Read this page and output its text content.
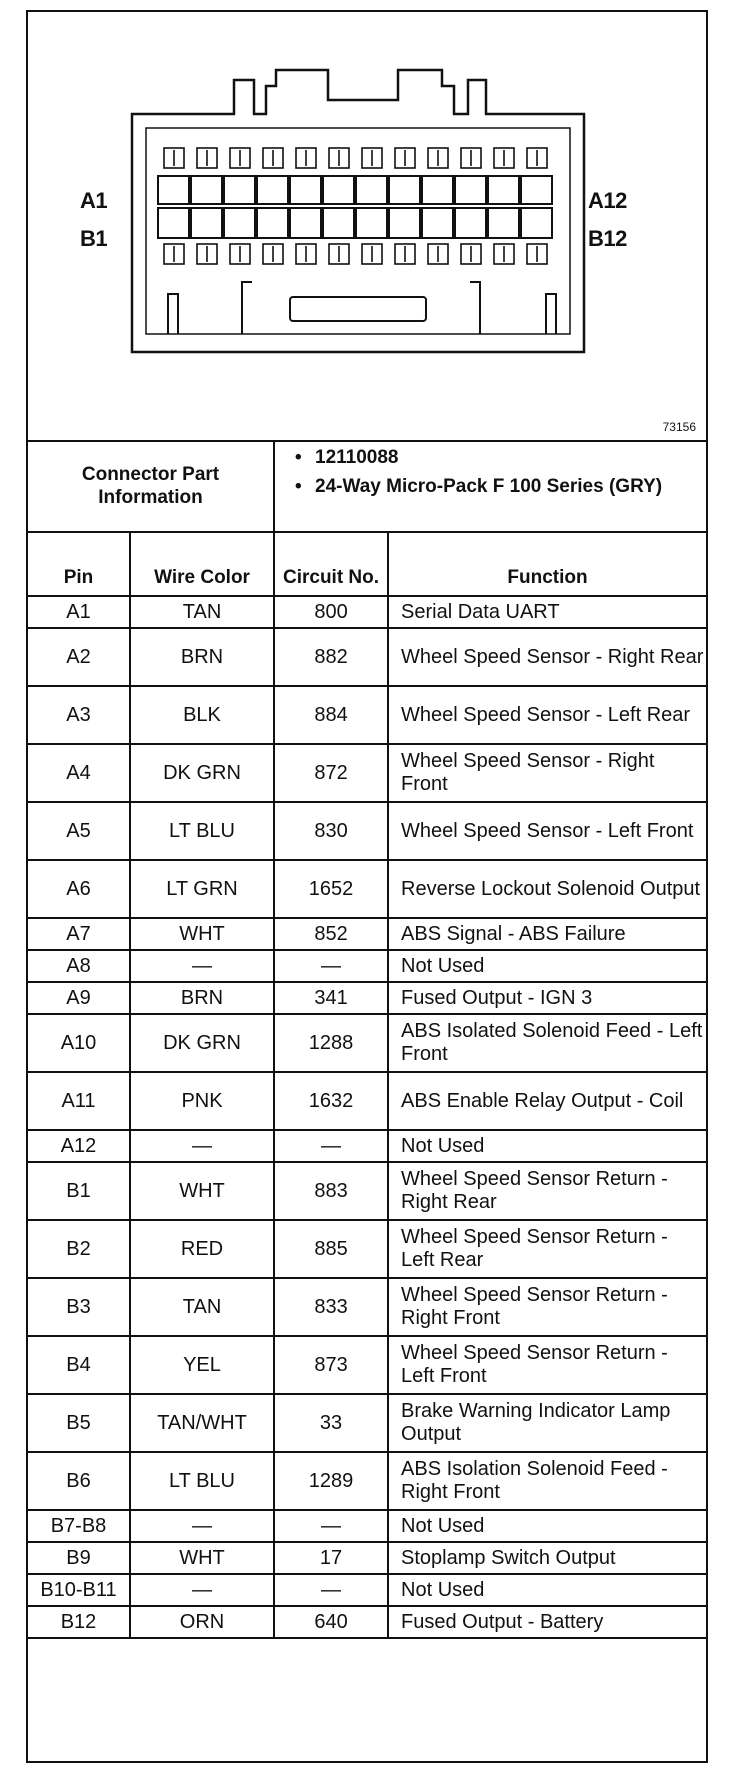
A1
B1
A12
B12
73156
Connector Part Information		• 12110088
• 24-Way Micro-Pack F 100 Series (GRY)

Pin	Wire Color	Circuit No.	Function
A1	TAN	800	Serial Data UART
A2	BRN	882	Wheel Speed Sensor - Right Rear
A3	BLK	884	Wheel Speed Sensor - Left Rear
A4	DK GRN	872	Wheel Speed Sensor - Right Front
A5	LT BLU	830	Wheel Speed Sensor - Left Front
A6	LT GRN	1652	Reverse Lockout Solenoid Output
A7	WHT	852	ABS Signal - ABS Failure
A8	—	—	Not Used
A9	BRN	341	Fused Output - IGN 3
A10	DK GRN	1288	ABS Isolated Solenoid Feed - Left Front
A11	PNK	1632	ABS Enable Relay Output - Coil
A12	—	—	Not Used
B1	WHT	883	Wheel Speed Sensor Return - Right Rear
B2	RED	885	Wheel Speed Sensor Return - Left Rear
B3	TAN	833	Wheel Speed Sensor Return - Right Front
B4	YEL	873	Wheel Speed Sensor Return - Left Front
B5	TAN/WHT	33	Brake Warning Indicator Lamp Output
B6	LT BLU	1289	ABS Isolation Solenoid Feed - Right Front
B7-B8	—	—	Not Used
B9	WHT	17	Stoplamp Switch Output
B10-B11	—	—	Not Used
B12	ORN	640	Fused Output - Battery
